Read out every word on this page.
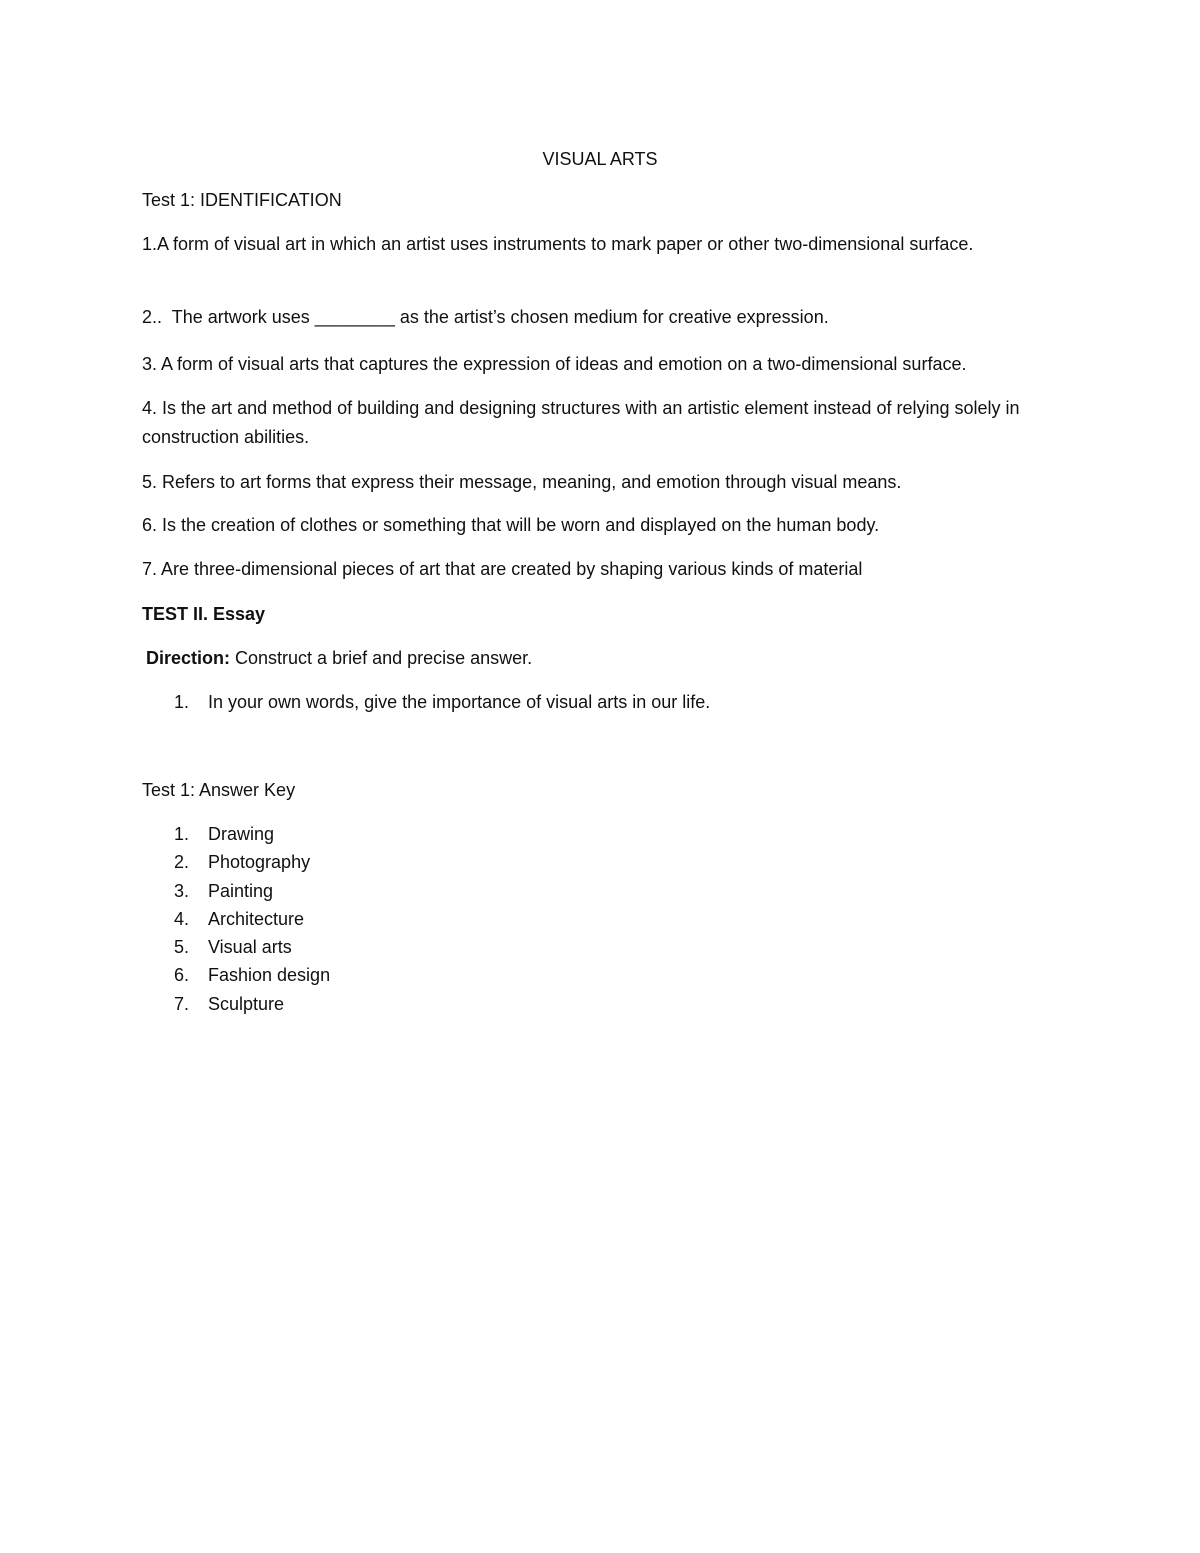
VISUAL ARTS
Test 1: IDENTIFICATION
1.A form of visual art in which an artist uses instruments to mark paper or other two-dimensional surface.
2.. The artwork uses ________ as the artist’s chosen medium for creative expression.
3. A form of visual arts that captures the expression of ideas and emotion on a two-dimensional surface.
4. Is the art and method of building and designing structures with an artistic element instead of relying solely in construction abilities.
5. Refers to art forms that express their message, meaning, and emotion through visual means.
6. Is the creation of clothes or something that will be worn and displayed on the human body.
7. Are three-dimensional pieces of art that are created by shaping various kinds of material
TEST II. Essay
Direction: Construct a brief and precise answer.
1.	In your own words, give the importance of visual arts in our life.
Test 1: Answer Key
1.	Drawing
2.	Photography
3.	Painting
4.	Architecture
5.	Visual arts
6.	Fashion design
7.	Sculpture
